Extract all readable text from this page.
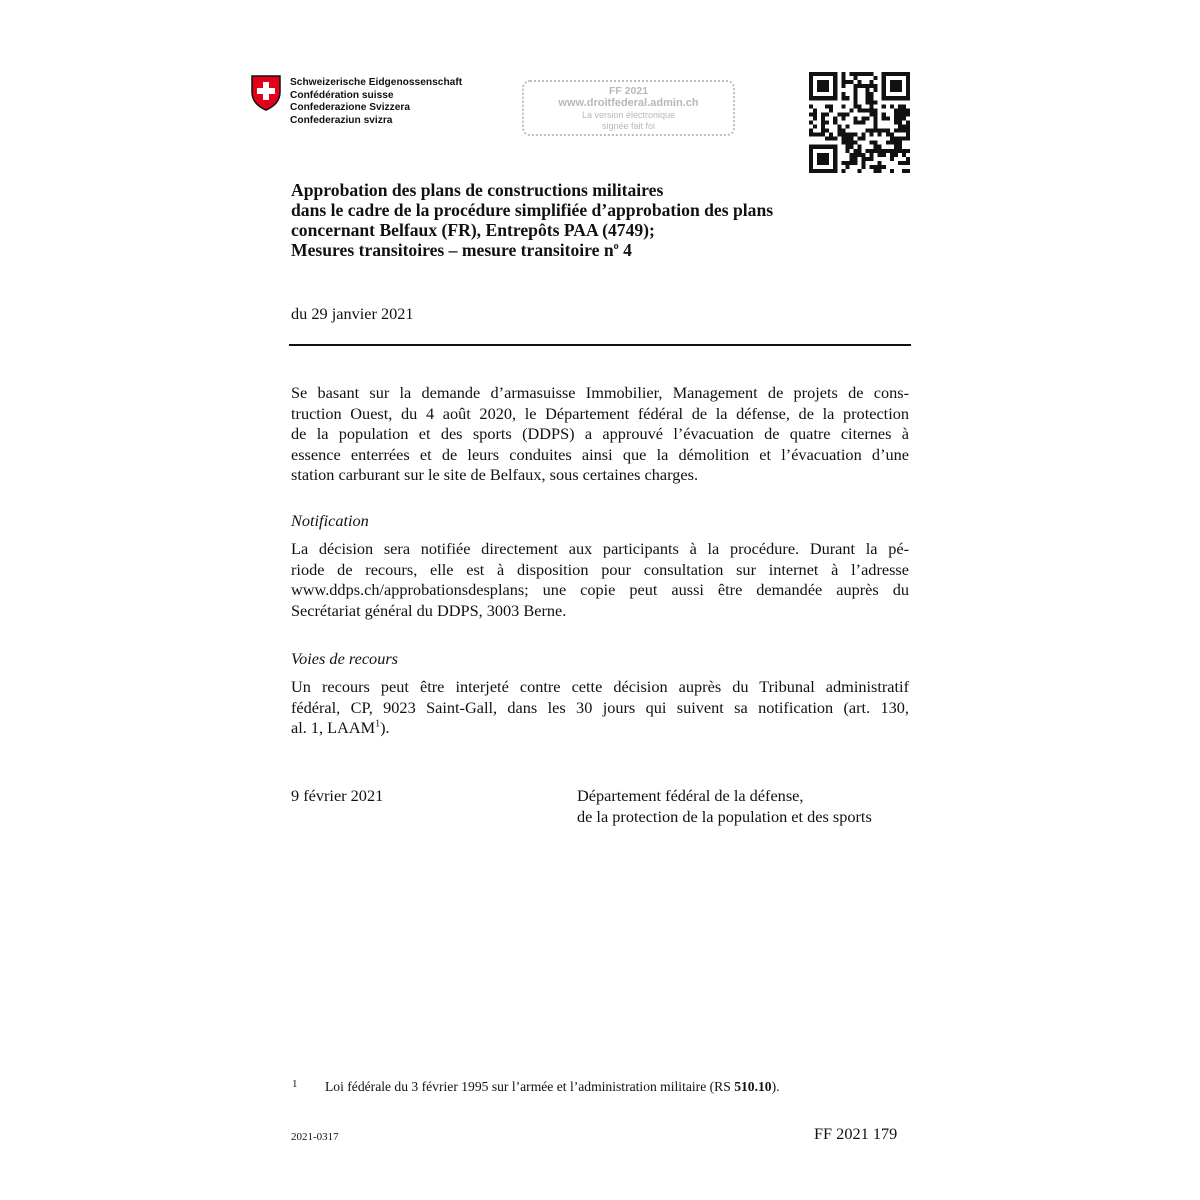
Schweizerische Eidgenossenschaft
Confédération suisse
Confederazione Svizzera
Confederaziun svizra
FF 2021
www.droitfederal.admin.ch
La version électronique
signée fait foi
Approbation des plans de constructions militaires
dans le cadre de la procédure simplifiée d’approbation des plans
concernant Belfaux (FR), Entrepôts PAA (4749);
Mesures transitoires – mesure transitoire $n^o$ 4
du 29 janvier 2021
Se basant sur la demande d’armasuisse Immobilier, Management de projets de cons-
truction Ouest, du 4 août 2020, le Département fédéral de la défense, de la protection
de la population et des sports (DDPS) a approuvé l’évacuation de quatre citernes à
essence enterrées et de leurs conduites ainsi que la démolition et l’évacuation d’une
station carburant sur le site de Belfaux, sous certaines charges.
Notification
La décision sera notifiée directement aux participants à la procédure. Durant la pé-
riode de recours, elle est à disposition pour consultation sur internet à l’adresse
www.ddps.ch/approbationsdesplans; une copie peut aussi être demandée auprès du
Secrétariat général du DDPS, 3003 Berne.
Voies de recours
Un recours peut être interjeté contre cette décision auprès du Tribunal administratif
fédéral, CP, 9023 Saint-Gall, dans les 30 jours qui suivent sa notification (art. 130,
al. 1, LAAM$^1$).
9 février 2021	Département fédéral de la défense,
de la protection de la population et des sports
1 Loi fédérale du 3 février 1995 sur l’armée et l’administration militaire (RS 510.10).
2021-0317	FF 2021 179
